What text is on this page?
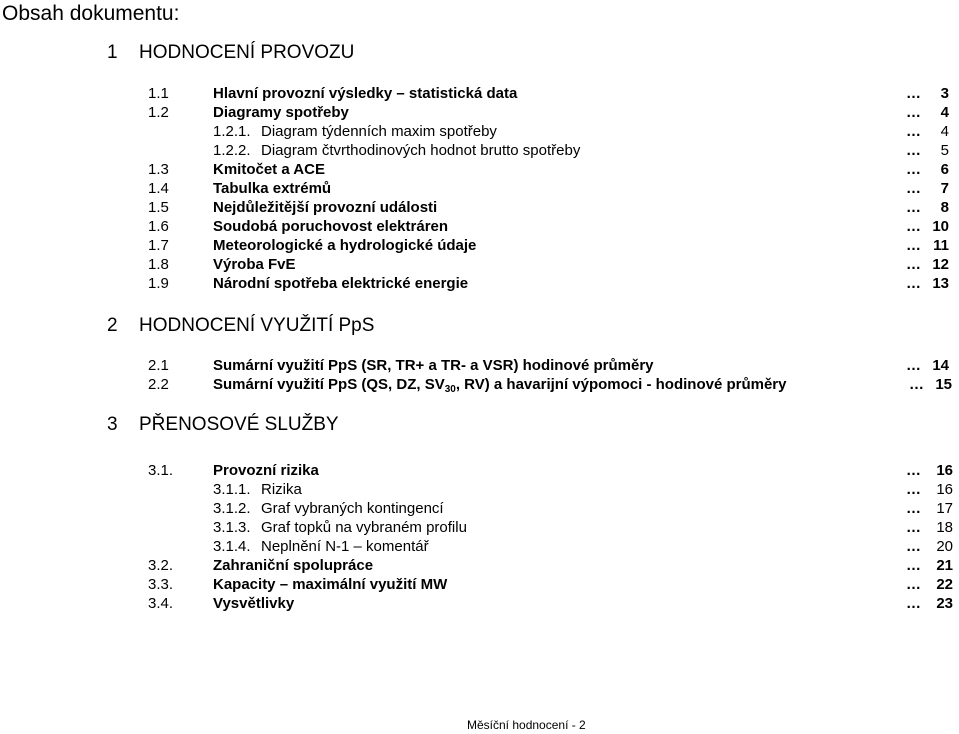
Obsah dokumentu:
1 HODNOCENÍ PROVOZU
2 HODNOCENÍ VYUŽITÍ PpS
3 PŘENOSOVÉ SLUŽBY
1.1	Hlavní provozní výsledky – statistická data	…	3
1.2	Diagramy spotřeby	…	4
1.2.1. Diagram týdenních maxim spotřeby	…	4
1.2.2. Diagram čtvrthodinových hodnot brutto spotřeby	…	5
1.3	Kmitočet a ACE	…	6
1.4	Tabulka extrémů	…	7
1.5	Nejdůležitější provozní události	…	8
1.6	Soudobá poruchovost elektráren	… 10
1.7	Meteorologické a hydrologické údaje	… 11
1.8	Výroba FvE	… 12
1.9	Národní spotřeba elektrické energie	… 13
2.1	Sumární využití PpS (SR, TR+ a TR- a VSR) hodinové průměry	… 14
2.2	Sumární využití PpS (QS, DZ, $SV_{30}$, RV) a havarijní výpomoci - hodinové průměry	… 15
3.1.	Provozní rizika	…	16
3.1.1. Rizika	…	16
3.1.2. Graf vybraných kontingencí	…	17
3.1.3. Graf topků na vybraném profilu	…	18
3.1.4. Neplnění N-1 – komentář	…	20
3.2.	Zahraniční spolupráce	…	21
3.3.	Kapacity – maximální využití MW	…	22
3.4.	Vysvětlivky	…	23
Měsíční hodnocení - 2
